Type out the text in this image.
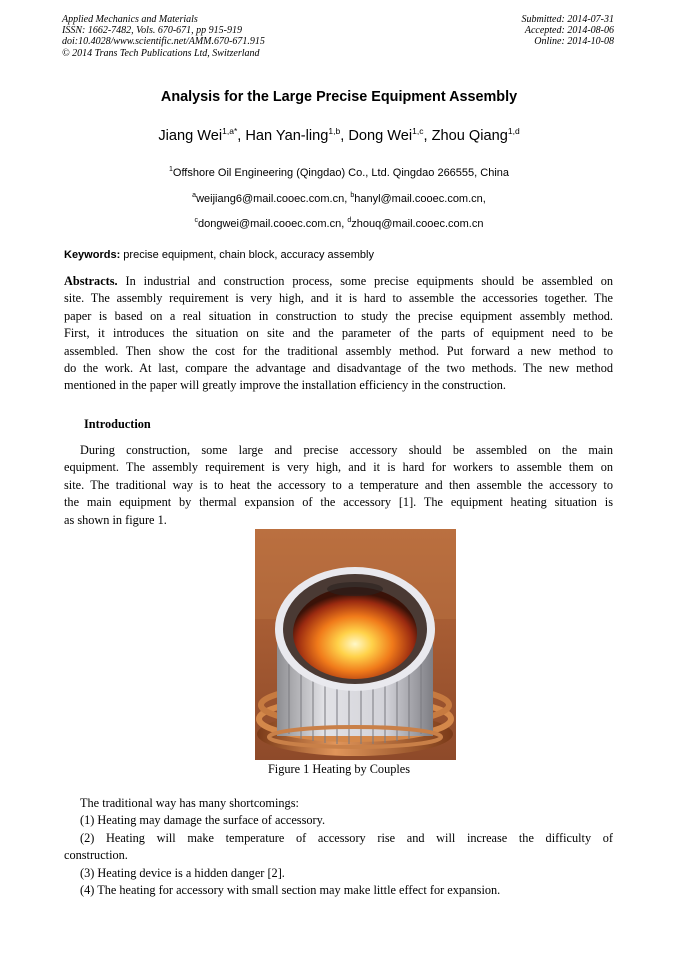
Applied Mechanics and Materials
ISSN: 1662-7482, Vols. 670-671, pp 915-919
doi:10.4028/www.scientific.net/AMM.670-671.915
© 2014 Trans Tech Publications Ltd, Switzerland
Submitted: 2014-07-31
Accepted: 2014-08-06
Online: 2014-10-08
Analysis for the Large Precise Equipment Assembly
Jiang Wei$^{1,a*}$, Han Yan-ling$^{1,b}$, Dong Wei$^{1,c}$, Zhou Qiang$^{1,d}$
$^1$Offshore Oil Engineering (Qingdao) Co., Ltd. Qingdao 266555, China
$^a$weijiang6@mail.cooec.com.cn, $^b$hanyl@mail.cooec.com.cn,
$^c$dongwei@mail.cooec.com.cn, $^d$zhouq@mail.cooec.com.cn
Keywords: precise equipment, chain block, accuracy assembly
Abstracts. In industrial and construction process, some precise equipments should be assembled on
site. The assembly requirement is very high, and it is hard to assemble the accessories together. The
paper is based on a real situation in construction to study the precise equipment assembly method.
First, it introduces the situation on site and the parameter of the parts of equipment need to be
assembled. Then show the cost for the traditional assembly method. Put forward a new method to
do the work. At last, compare the advantage and disadvantage of the two methods. The new method
mentioned in the paper will greatly improve the installation efficiency in the construction.
Introduction
During construction, some large and precise accessory should be assembled on the main
equipment. The assembly requirement is very high, and it is hard for workers to assemble them on
site. The traditional way is to heat the accessory to a temperature and then assemble the accessory to
the main equipment by thermal expansion of the accessory [1]. The equipment heating situation is
as shown in figure 1.
Figure 1 Heating by Couples
The traditional way has many shortcomings:
(1) Heating may damage the surface of accessory.
(2) Heating will make temperature of accessory rise and will increase the difficulty of
construction.
(3) Heating device is a hidden danger [2].
(4) The heating for accessory with small section may make little effect for expansion.
